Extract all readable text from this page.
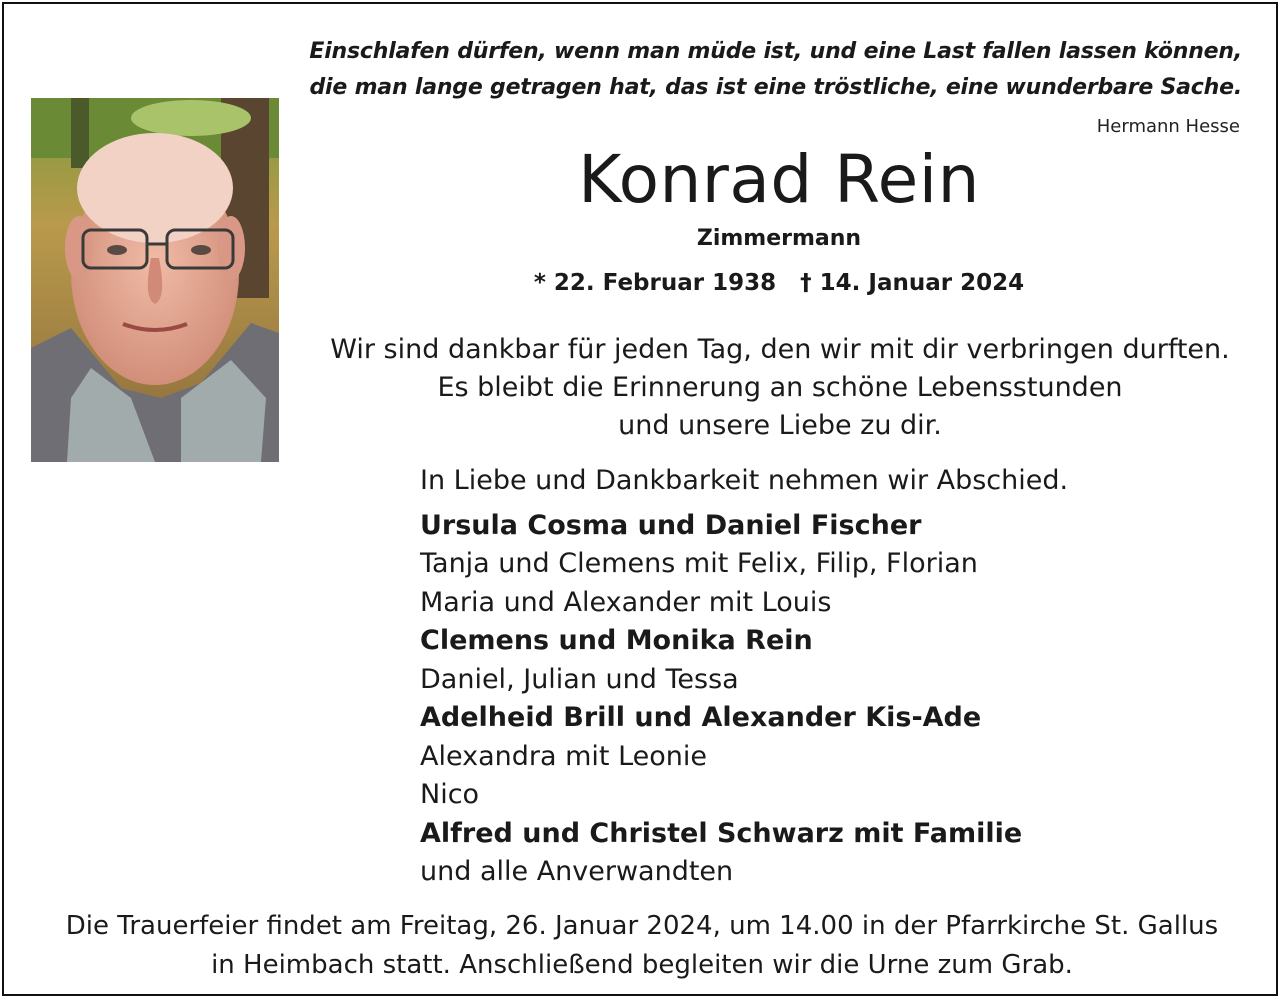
Einschlafen dürfen, wenn man müde ist, und eine Last fallen lassen können,
die man lange getragen hat, das ist eine tröstliche, eine wunderbare Sache.
Hermann Hesse
Konrad Rein
Zimmermann
* 22. Februar 1938 † 14. Januar 2024
Wir sind dankbar für jeden Tag, den wir mit dir verbringen durften.
Es bleibt die Erinnerung an schöne Lebensstunden
und unsere Liebe zu dir.
In Liebe und Dankbarkeit nehmen wir Abschied.
Ursula Cosma und Daniel Fischer
Tanja und Clemens mit Felix, Filip, Florian
Maria und Alexander mit Louis
Clemens und Monika Rein
Daniel, Julian und Tessa
Adelheid Brill und Alexander Kis-Ade
Alexandra mit Leonie
Nico
Alfred und Christel Schwarz mit Familie
und alle Anverwandten
Die Trauerfeier findet am Freitag, 26. Januar 2024, um 14.00 in der Pfarrkirche St. Gallus
in Heimbach statt. Anschließend begleiten wir die Urne zum Grab.
